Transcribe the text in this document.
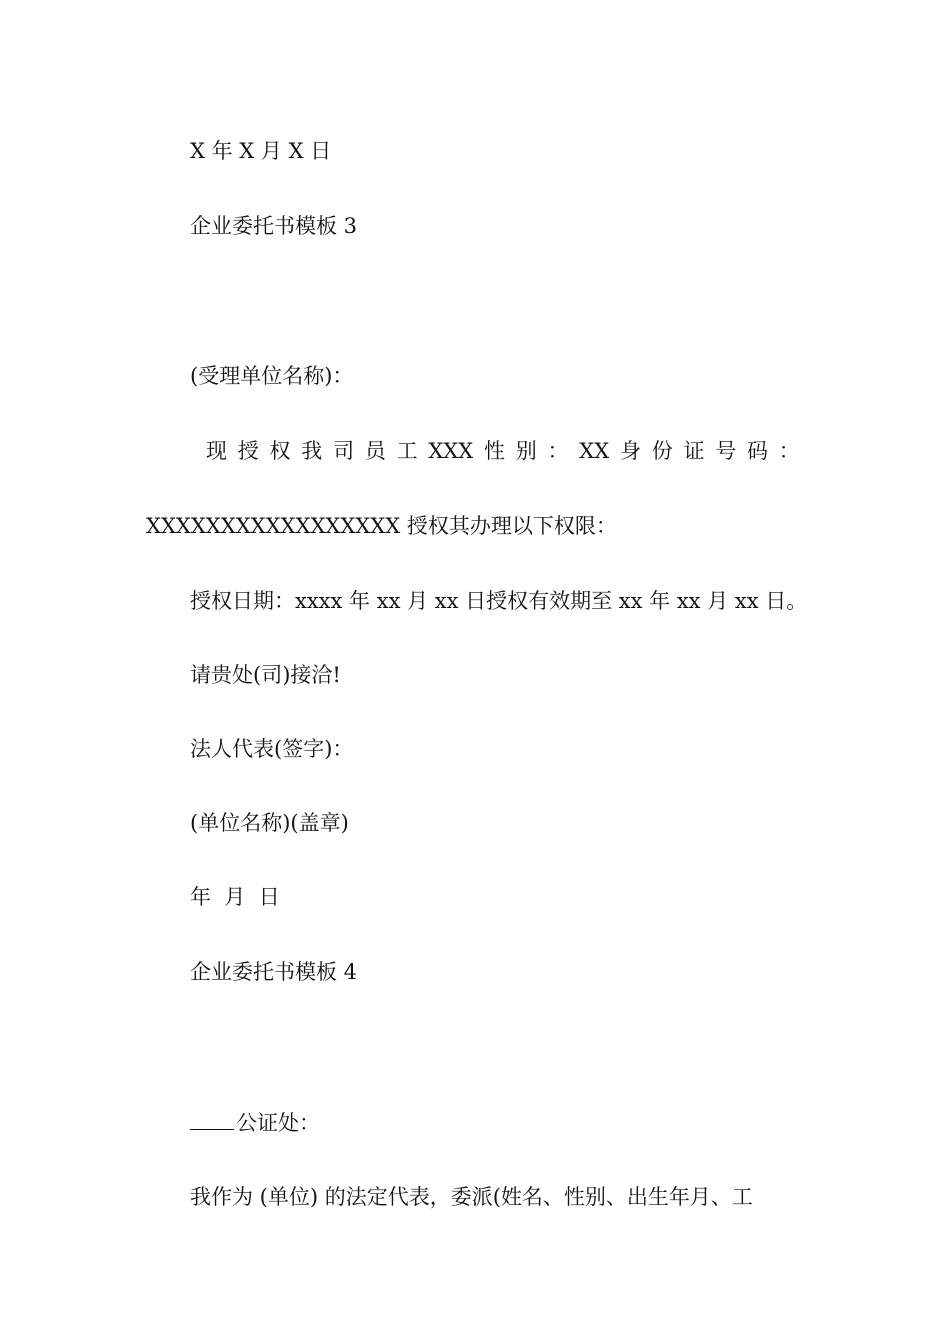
X 年 X 月 X 日
企业委托书模板 3
(受理单位名称)：
现 授 权 我 司 员 工 XXX 性 别 ： XX 身 份 证 号 码 ：
XXXXXXXXXXXXXXXXX 授权其办理以下权限：
授权日期：xxxx 年 xx 月 xx 日授权有效期至 xx 年 xx 月 xx 日。
请贵处(司)接洽!
法人代表(签字)：
(单位名称)(盖章)
年  月  日
企业委托书模板 4
公证处：
我作为 (单位) 的法定代表，委派(姓名、性别、出生年月、工
